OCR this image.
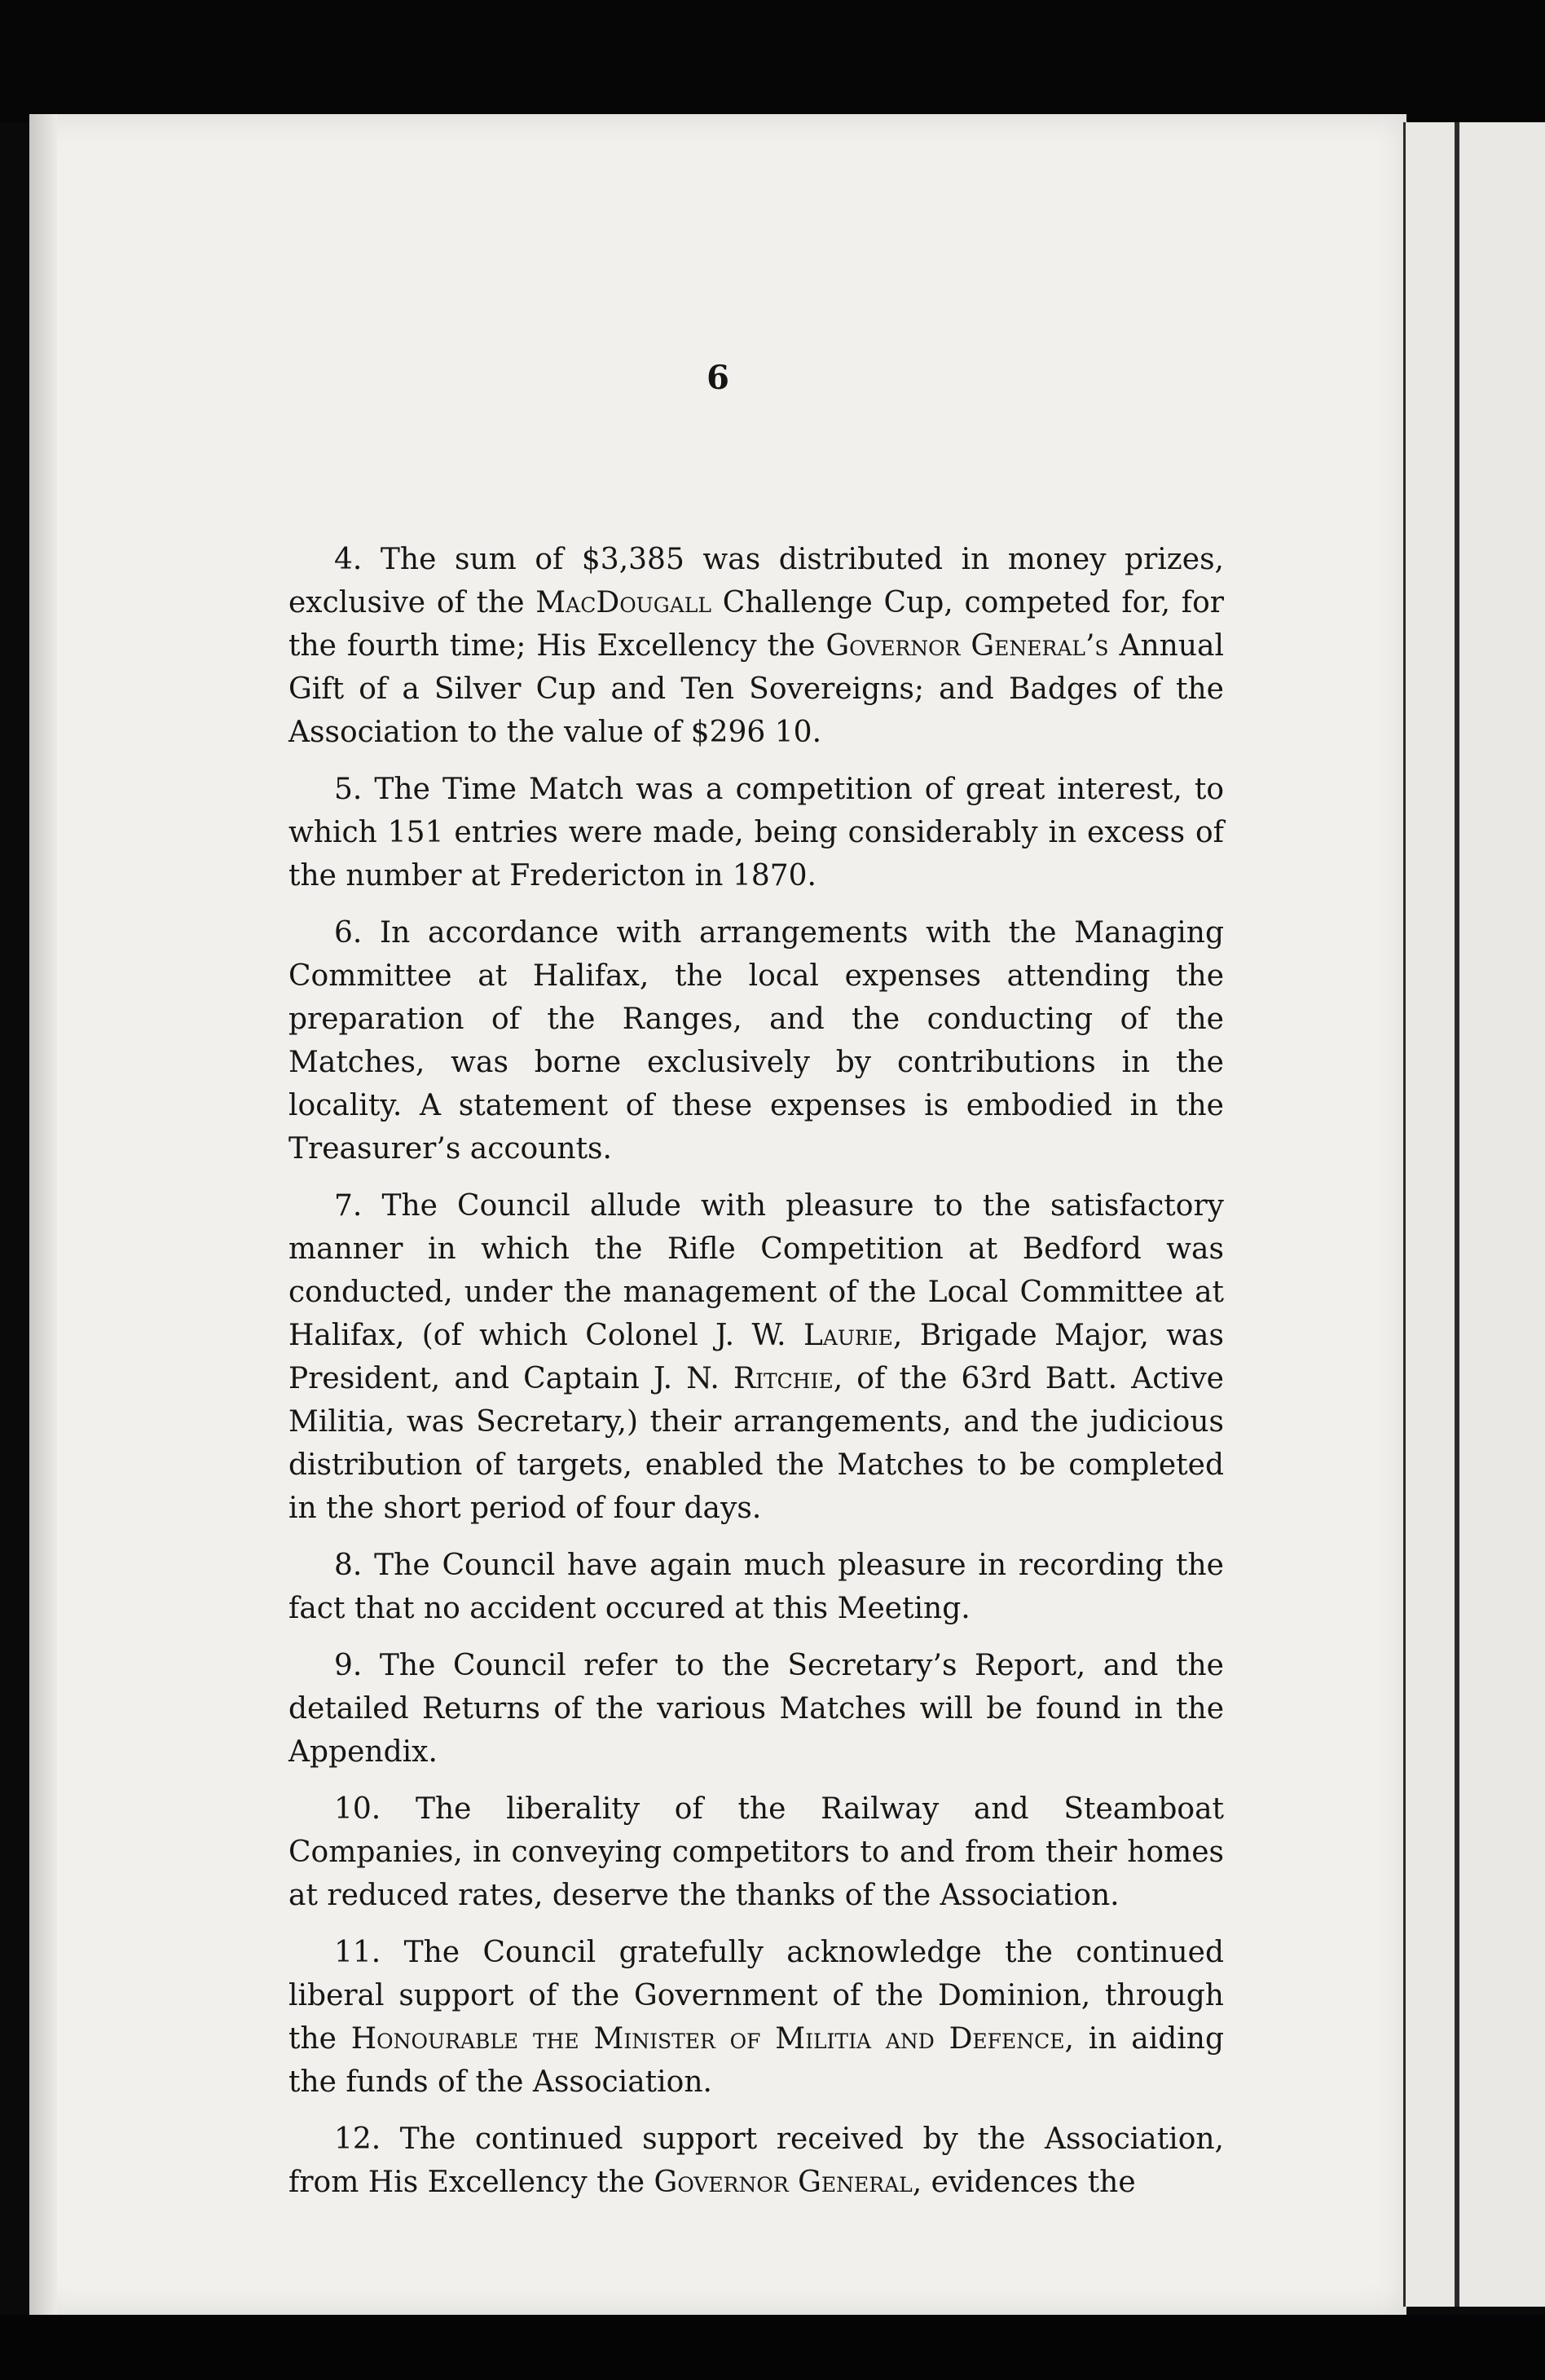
6

4. The sum of $3,385 was distributed in money prizes, exclusive of the MacDougall Challenge Cup, competed for, for the fourth time; His Excellency the Governor General’s Annual Gift of a Silver Cup and Ten Sovereigns; and Badges of the Association to the value of $296 10.

5. The Time Match was a competition of great interest, to which 151 entries were made, being considerably in excess of the number at Fredericton in 1870.

6. In accordance with arrangements with the Managing Committee at Halifax, the local expenses attending the preparation of the Ranges, and the conducting of the Matches, was borne exclusively by contributions in the locality. A statement of these expenses is embodied in the Treasurer’s accounts.

7. The Council allude with pleasure to the satisfactory manner in which the Rifle Competition at Bedford was conducted, under the management of the Local Committee at Halifax, (of which Colonel J. W. Laurie, Brigade Major, was President, and Captain J. N. Ritchie, of the 63rd Batt. Active Militia, was Secretary,) their arrangements, and the judicious distribution of targets, enabled the Matches to be completed in the short period of four days.

8. The Council have again much pleasure in recording the fact that no accident occured at this Meeting.

9. The Council refer to the Secretary’s Report, and the detailed Returns of the various Matches will be found in the Appendix.

10. The liberality of the Railway and Steamboat Companies, in conveying competitors to and from their homes at reduced rates, deserve the thanks of the Association.

11. The Council gratefully acknowledge the continued liberal support of the Government of the Dominion, through the Honourable the Minister of Militia and Defence, in aiding the funds of the Association.

12. The continued support received by the Association, from His Excellency the Governor General, evidences the
